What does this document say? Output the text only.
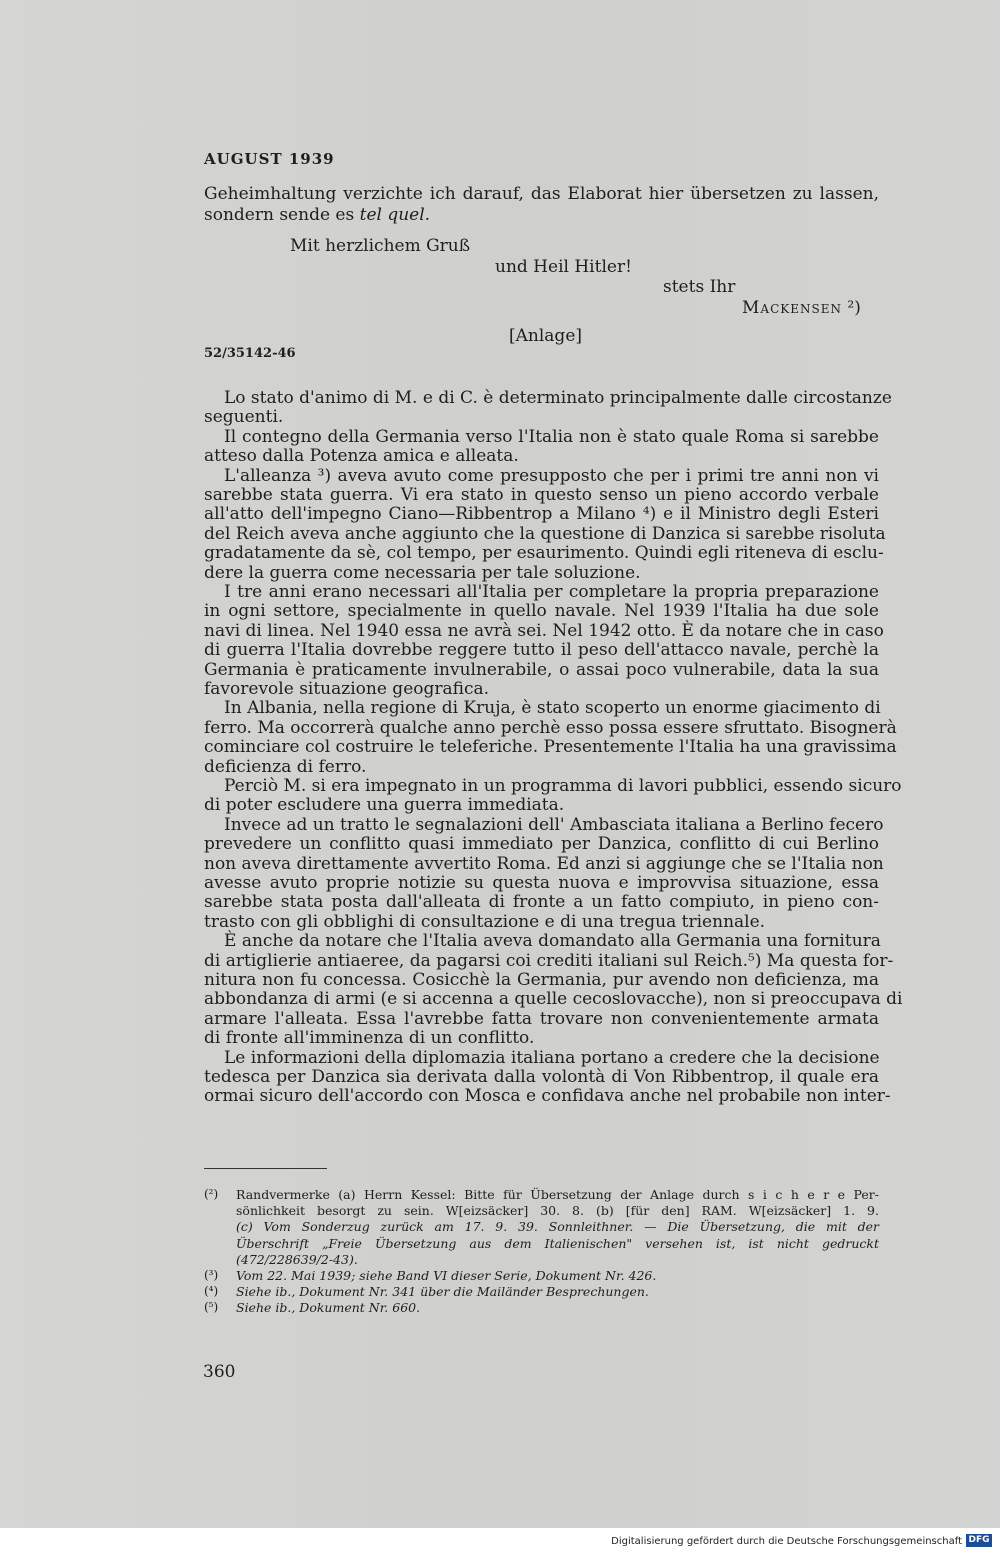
AUGUST 1939
Geheimhaltung verzichte ich darauf, das Elaborat hier übersetzen zu lassen,
sondern sende es tel quel.
Mit herzlichem Gruß
und Heil Hitler!
stets Ihr
Mackensen ²)
[Anlage]
52/35142-46
Lo stato d'animo di M. e di C. è determinato principalmente dalle circostanze
seguenti.
Il contegno della Germania verso l'Italia non è stato quale Roma si sarebbe
atteso dalla Potenza amica e alleata.
L'alleanza ³) aveva avuto come presupposto che per i primi tre anni non vi
sarebbe stata guerra. Vi era stato in questo senso un pieno accordo verbale
all'atto dell'impegno Ciano—Ribbentrop a Milano ⁴) e il Ministro degli Esteri
del Reich aveva anche aggiunto che la questione di Danzica si sarebbe risoluta
gradatamente da sè, col tempo, per esaurimento. Quindi egli riteneva di esclu-
dere la guerra come necessaria per tale soluzione.
I tre anni erano necessari all'Italia per completare la propria preparazione
in ogni settore, specialmente in quello navale. Nel 1939 l'Italia ha due sole
navi di linea. Nel 1940 essa ne avrà sei. Nel 1942 otto. È da notare che in caso
di guerra l'Italia dovrebbe reggere tutto il peso dell'attacco navale, perchè la
Germania è praticamente invulnerabile, o assai poco vulnerabile, data la sua
favorevole situazione geografica.
In Albania, nella regione di Kruja, è stato scoperto un enorme giacimento di
ferro. Ma occorrerà qualche anno perchè esso possa essere sfruttato. Bisognerà
cominciare col costruire le teleferiche. Presentemente l'Italia ha una gravissima
deficienza di ferro.
Perciò M. si era impegnato in un programma di lavori pubblici, essendo sicuro
di poter escludere una guerra immediata.
Invece ad un tratto le segnalazioni dell' Ambasciata italiana a Berlino fecero
prevedere un conflitto quasi immediato per Danzica, conflitto di cui Berlino
non aveva direttamente avvertito Roma. Ed anzi si aggiunge che se l'Italia non
avesse avuto proprie notizie su questa nuova e improvvisa situazione, essa
sarebbe stata posta dall'alleata di fronte a un fatto compiuto, in pieno con-
trasto con gli obblighi di consultazione e di una tregua triennale.
È anche da notare che l'Italia aveva domandato alla Germania una fornitura
di artiglierie antiaeree, da pagarsi coi crediti italiani sul Reich.⁵) Ma questa for-
nitura non fu concessa. Cosicchè la Germania, pur avendo non deficienza, ma
abbondanza di armi (e si accenna a quelle cecoslovacche), non si preoccupava di
armare l'alleata. Essa l'avrebbe fatta trovare non convenientemente armata
di fronte all'imminenza di un conflitto.
Le informazioni della diplomazia italiana portano a credere che la decisione
tedesca per Danzica sia derivata dalla volontà di Von Ribbentrop, il quale era
ormai sicuro dell'accordo con Mosca e confidava anche nel probabile non inter-
(²) Randvermerke (a) Herrn Kessel: Bitte für Übersetzung der Anlage durch s i c h e r e Per-
sönlichkeit besorgt zu sein. W[eizsäcker] 30. 8. (b) [für den] RAM. W[eizsäcker] 1. 9.
(c) Vom Sonderzug zurück am 17. 9. 39. Sonnleithner. — Die Übersetzung, die mit der
Überschrift „Freie Übersetzung aus dem Italienischen" versehen ist, ist nicht gedruckt
(472/228639/2-43).
(³) Vom 22. Mai 1939; siehe Band VI dieser Serie, Dokument Nr. 426.
(⁴) Siehe ib., Dokument Nr. 341 über die Mailänder Besprechungen.
(⁵) Siehe ib., Dokument Nr. 660.
360
Digitalisierung gefördert durch die Deutsche Forschungsgemeinschaft DFG
